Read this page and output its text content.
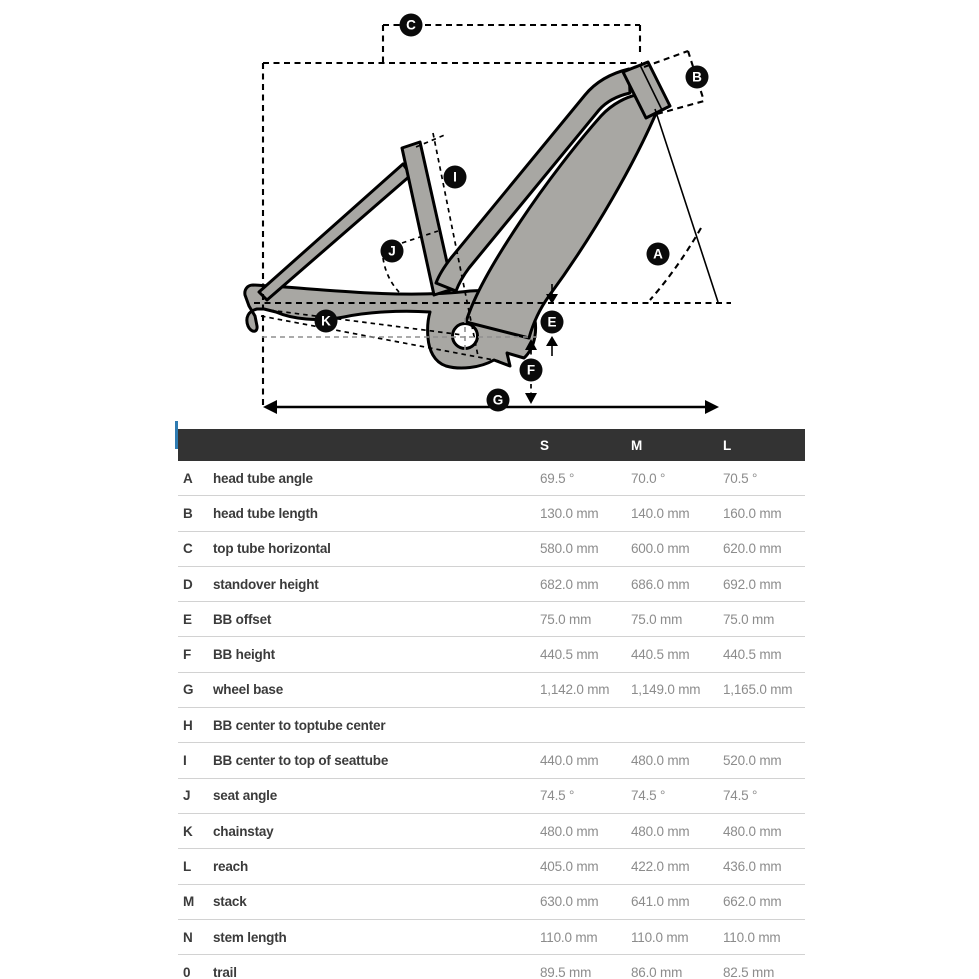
C
B
I
J	A
K	E
F
G
S	M	L
A	head tube angle	69.5 °	70.0 °	70.5 °
B	head tube length	130.0 mm	140.0 mm	160.0 mm
C	top tube horizontal	580.0 mm	600.0 mm	620.0 mm
D	standover height	682.0 mm	686.0 mm	692.0 mm
E	BB offset	75.0 mm	75.0 mm	75.0 mm
F	BB height	440.5 mm	440.5 mm	440.5 mm
G	wheel base	1,142.0 mm	1,149.0 mm	1,165.0 mm
H	BB center to toptube center
I	BB center to top of seattube	440.0 mm	480.0 mm	520.0 mm
J	seat angle	74.5 °	74.5 °	74.5 °
K	chainstay	480.0 mm	480.0 mm	480.0 mm
L	reach	405.0 mm	422.0 mm	436.0 mm
M	stack	630.0 mm	641.0 mm	662.0 mm
N	stem length	110.0 mm	110.0 mm	110.0 mm
0	trail	89.5 mm	86.0 mm	82.5 mm
